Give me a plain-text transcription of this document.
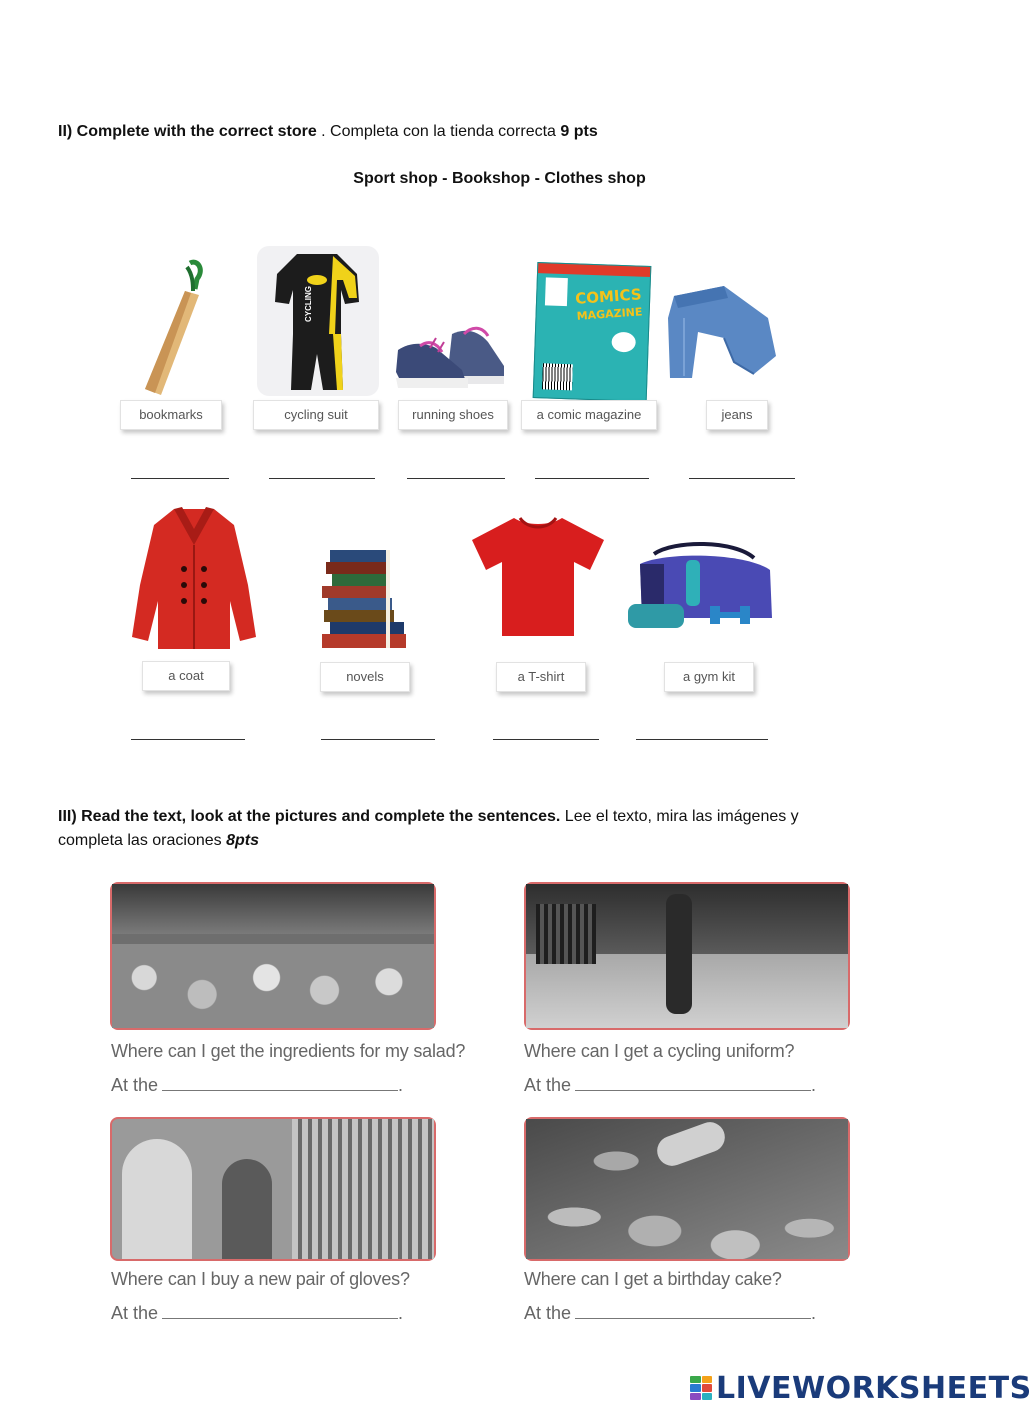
II) Complete with the correct store . Completa con la tienda correcta 9 pts
Sport shop - Bookshop - Clothes shop
bookmarks
CYCLING
cycling suit	running shoes
COMICS
MAGAZINE
a comic magazine	jeans
a coat	novels	a T-shirt	a gym kit
III) Read the text, look at the pictures and complete the sentences. Lee el texto, mira las imágenes y
completa las oraciones 8pts
Where can I get the ingredients for my salad?
At the	.
Where can I get a cycling uniform?
At the	.
Where can I buy a new pair of gloves?
At the	.
Where can I get a birthday cake?
At the	.
LIVEWORKSHEETS
